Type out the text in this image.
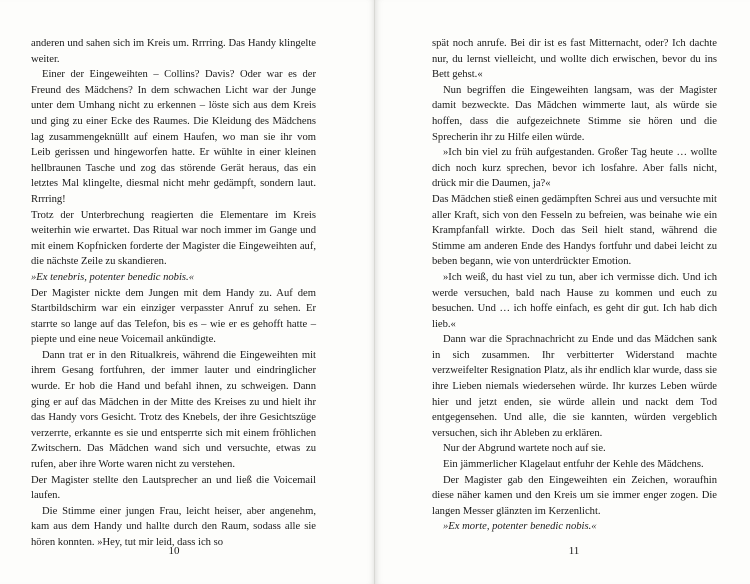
anderen und sahen sich im Kreis um. Rrrring. Das Handy klingelte weiter.

Einer der Eingeweihten – Collins? Davis? Oder war es der Freund des Mädchens? In dem schwachen Licht war der Junge unter dem Umhang nicht zu erkennen – löste sich aus dem Kreis und ging zu einer Ecke des Raumes. Die Kleidung des Mädchens lag zusammengeknüllt auf einem Haufen, wo man sie ihr vom Leib gerissen und hingeworfen hatte. Er wühlte in einer kleinen hellbraunen Tasche und zog das störende Gerät heraus, das ein letztes Mal klingelte, diesmal nicht mehr gedämpft, sondern laut. Rrrring!

Trotz der Unterbrechung reagierten die Elementare im Kreis weiterhin wie erwartet. Das Ritual war noch immer im Gange und mit einem Kopfnicken forderte der Magister die Eingeweihten auf, die nächste Zeile zu skandieren.

»Ex tenebris, potenter benedic nobis.«

Der Magister nickte dem Jungen mit dem Handy zu. Auf dem Startbildschirm war ein einziger verpasster Anruf zu sehen. Er starrte so lange auf das Telefon, bis es – wie er es gehofft hatte – piepte und eine neue Voicemail ankündigte.

Dann trat er in den Ritualkreis, während die Eingeweihten mit ihrem Gesang fortfuhren, der immer lauter und eindringlicher wurde. Er hob die Hand und befahl ihnen, zu schweigen. Dann ging er auf das Mädchen in der Mitte des Kreises zu und hielt ihr das Handy vors Gesicht. Trotz des Knebels, der ihre Gesichtszüge verzerrte, erkannte es sie und entsperrte sich mit einem fröhlichen Zwitschern. Das Mädchen wand sich und versuchte, etwas zu rufen, aber ihre Worte waren nicht zu verstehen.

Der Magister stellte den Lautsprecher an und ließ die Voicemail laufen.

Die Stimme einer jungen Frau, leicht heiser, aber angenehm, kam aus dem Handy und hallte durch den Raum, sodass alle sie hören konnten. »Hey, tut mir leid, dass ich so

10

spät noch anrufe. Bei dir ist es fast Mitternacht, oder? Ich dachte nur, du lernst vielleicht, und wollte dich erwischen, bevor du ins Bett gehst.«

Nun begriffen die Eingeweihten langsam, was der Magister damit bezweckte. Das Mädchen wimmerte laut, als würde sie hoffen, dass die aufgezeichnete Stimme sie hören und die Sprecherin ihr zu Hilfe eilen würde.

»Ich bin viel zu früh aufgestanden. Großer Tag heute … wollte dich noch kurz sprechen, bevor ich losfahre. Aber falls nicht, drück mir die Daumen, ja?«

Das Mädchen stieß einen gedämpften Schrei aus und versuchte mit aller Kraft, sich von den Fesseln zu befreien, was beinahe wie ein Krampfanfall wirkte. Doch das Seil hielt stand, während die Stimme am anderen Ende des Handys fortfuhr und dabei leicht zu beben begann, wie von unterdrückter Emotion.

»Ich weiß, du hast viel zu tun, aber ich vermisse dich. Und ich werde versuchen, bald nach Hause zu kommen und euch zu besuchen. Und … ich hoffe einfach, es geht dir gut. Ich hab dich lieb.«

Dann war die Sprachnachricht zu Ende und das Mädchen sank in sich zusammen. Ihr verbitterter Widerstand machte verzweifelter Resignation Platz, als ihr endlich klar wurde, dass sie ihre Lieben niemals wiedersehen würde. Ihr kurzes Leben würde hier und jetzt enden, sie würde allein und nackt dem Tod entgegensehen. Und alle, die sie kannten, würden vergeblich versuchen, sich ihr Ableben zu erklären.

Nur der Abgrund wartete noch auf sie.

Ein jämmerlicher Klagelaut entfuhr der Kehle des Mädchens.

Der Magister gab den Eingeweihten ein Zeichen, woraufhin diese näher kamen und den Kreis um sie immer enger zogen. Die langen Messer glänzten im Kerzenlicht.

»Ex morte, potenter benedic nobis.«

11
